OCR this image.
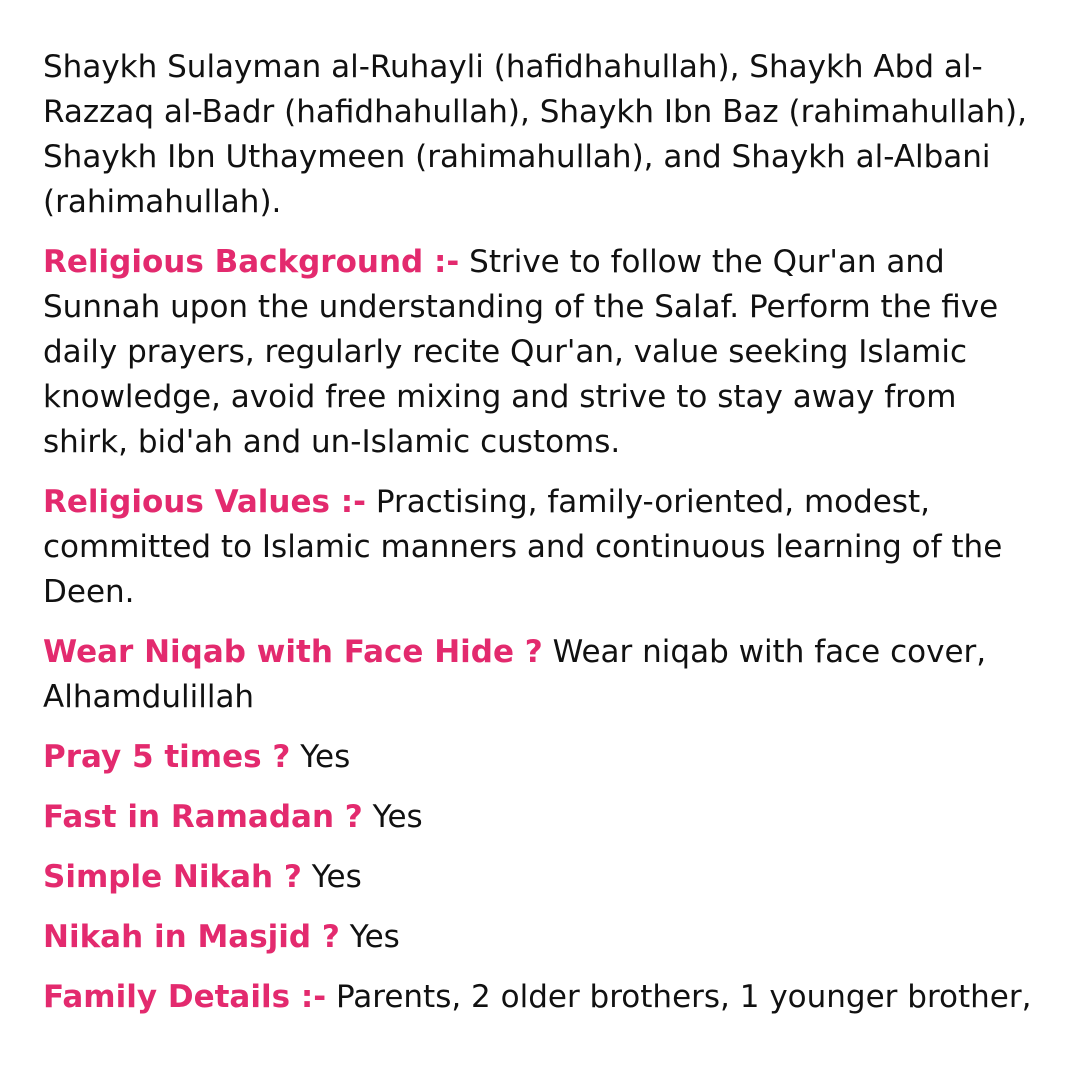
Shaykh Sulayman al-Ruhayli (hafidhahullah), Shaykh Abd al-Razzaq al-Badr (hafidhahullah), Shaykh Ibn Baz (rahimahullah), Shaykh Ibn Uthaymeen (rahimahullah), and Shaykh al-Albani (rahimahullah).

Religious Background :- Strive to follow the Qur'an and Sunnah upon the understanding of the Salaf. Perform the five daily prayers, regularly recite Qur'an, value seeking Islamic knowledge, avoid free mixing and strive to stay away from shirk, bid'ah and un-Islamic customs.

Religious Values :- Practising, family-oriented, modest, committed to Islamic manners and continuous learning of the Deen.

Wear Niqab with Face Hide ? Wear niqab with face cover, Alhamdulillah

Pray 5 times ? Yes

Fast in Ramadan ? Yes

Simple Nikah ? Yes

Nikah in Masjid ? Yes

Family Details :- Parents, 2 older brothers, 1 younger brother,
